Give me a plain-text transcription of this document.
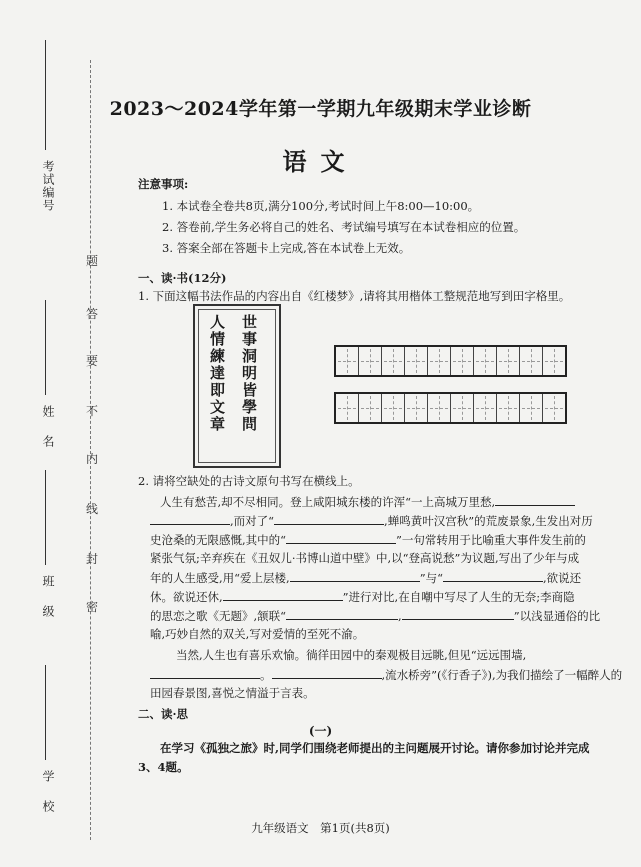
考试编号
姓名
班级
学校
题
答
要
不
内
线
封
密
2023～2024学年第一学期九年级期末学业诊断
语文
注意事项:
1. 本试卷全卷共8页,满分100分,考试时间上午8:00—10:00。
2. 答卷前,学生务必将自己的姓名、考试编号填写在本试卷相应的位置。
3. 答案全部在答题卡上完成,答在本试卷上无效。
一、读·书(12分)
1. 下面这幅书法作品的内容出自《红楼梦》,请将其用楷体工整规范地写到田字格里。
世事洞明皆學問
人情練達即文章
2. 请将空缺处的古诗文原句书写在横线上。
人生有愁苦,却不尽相同。登上咸阳城东楼的许浑“一上高城万里愁,
,而对了“	,蝉鸣黄叶汉宫秋”的荒废景象,生发出对历
史沧桑的无限感慨,其中的“	”一句常转用于比喻重大事件发生前的
紧张气氛;辛弃疾在《丑奴儿·书博山道中壁》中,以“登高说愁”为议题,写出了少年与成
年的人生感受,用“爱上层楼,	”与“	,欲说还
休。欲说还休,	”进行对比,在自嘲中写尽了人生的无奈;李商隐
的思恋之歌《无题》,颔联“	,	”以浅显通俗的比
喻,巧妙自然的双关,写对爱情的至死不渝。
当然,人生也有喜乐欢愉。徜徉田园中的秦观极目远眺,但见“远远围墙,
。	,流水桥旁”(《行香子》),为我们描绘了一幅醉人的
田园春景图,喜悦之情溢于言表。
二、读·思
(一)
在学习《孤独之旅》时,同学们围绕老师提出的主问题展开讨论。请你参加讨论并完成
3、4题。
九年级语文　第1页(共8页)
